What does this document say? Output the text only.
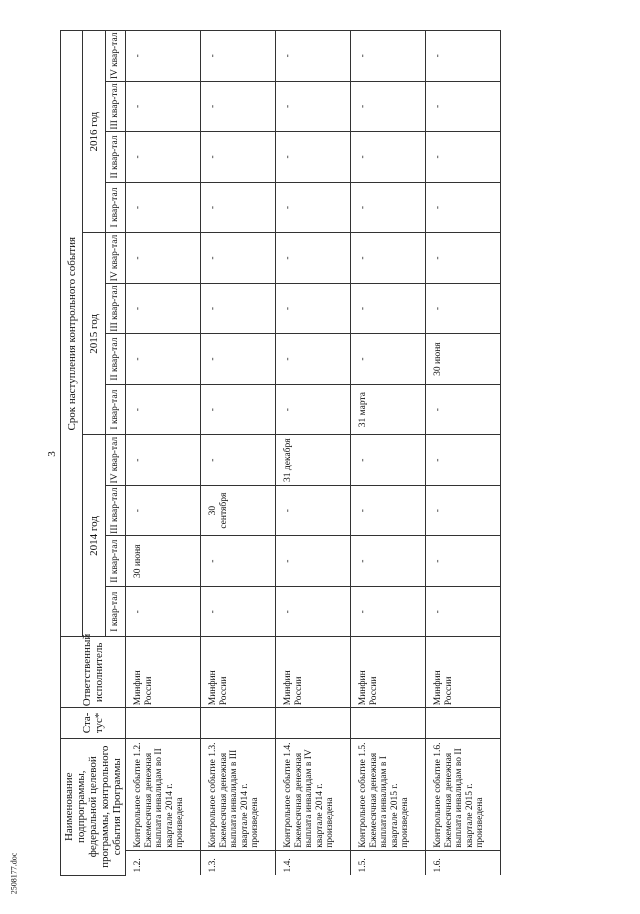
3
2508177.doc
Наименование подпрограммы, федеральной целевой программы, контрольного события Программы		Ста-тус*	Ответственный исполнитель	Срок наступления контрольного события											
				2014 год				2015 год				2016 год			
				I квар-тал	II квар-тал	III квар-тал	IV квар-тал	I квар-тал	II квар-тал	III квар-тал	IV квар-тал	I квар-тал	II квар-тал	III квар-тал	IV квар-тал
1.2.	Контрольное событие 1.2. Ежемесячная денежная выплата инвалидам во II квартале 2014 г. произведена		Минфин России	-	30 июня	-	-	-	-	-	-	-	-	-	-
1.3.	Контрольное событие 1.3. Ежемесячная денежная выплата инвалидам в III квартале 2014 г. произведена		Минфин России	-	-	30 сентября	-	-	-	-	-	-	-	-	-
1.4.	Контрольное событие 1.4. Ежемесячная денежная выплата инвалидам в IV квартале 2014 г. произведена		Минфин России	-	-	-	31 декабря	-	-	-	-	-	-	-	-
1.5.	Контрольное событие 1.5. Ежемесячная денежная выплата инвалидам в I квартале 2015 г. произведена		Минфин России	-	-	-	-	31 марта	-	-	-	-	-	-	-
1.6.	Контрольное событие 1.6. Ежемесячная денежная выплата инвалидам во II квартале 2015 г. произведена		Минфин России	-	-	-	-	-	30 июня	-	-	-	-	-	-
